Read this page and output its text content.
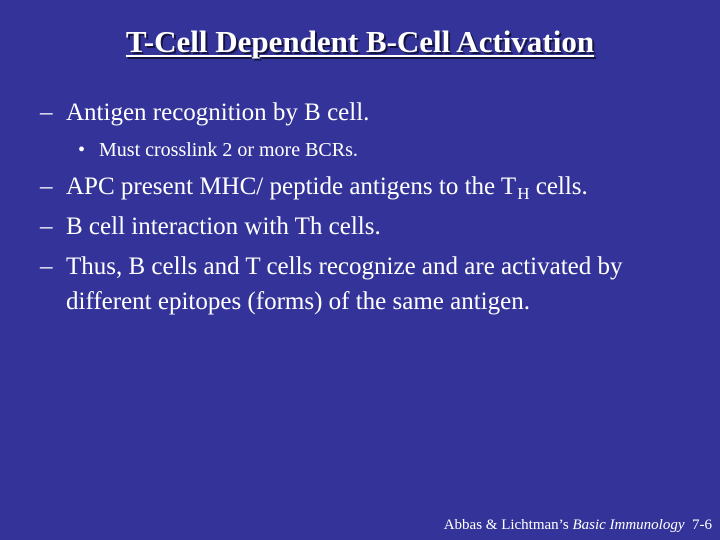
T-Cell Dependent B-Cell Activation
– Antigen recognition by B cell.
• Must crosslink 2 or more BCRs.
– APC present MHC/ peptide antigens to the $T_H$ cells.
– B cell interaction with Th cells.
– Thus, B cells and T cells recognize and are activated by
different epitopes (forms) of the same antigen.
Abbas & Lichtman’s Basic Immunology  7-6
